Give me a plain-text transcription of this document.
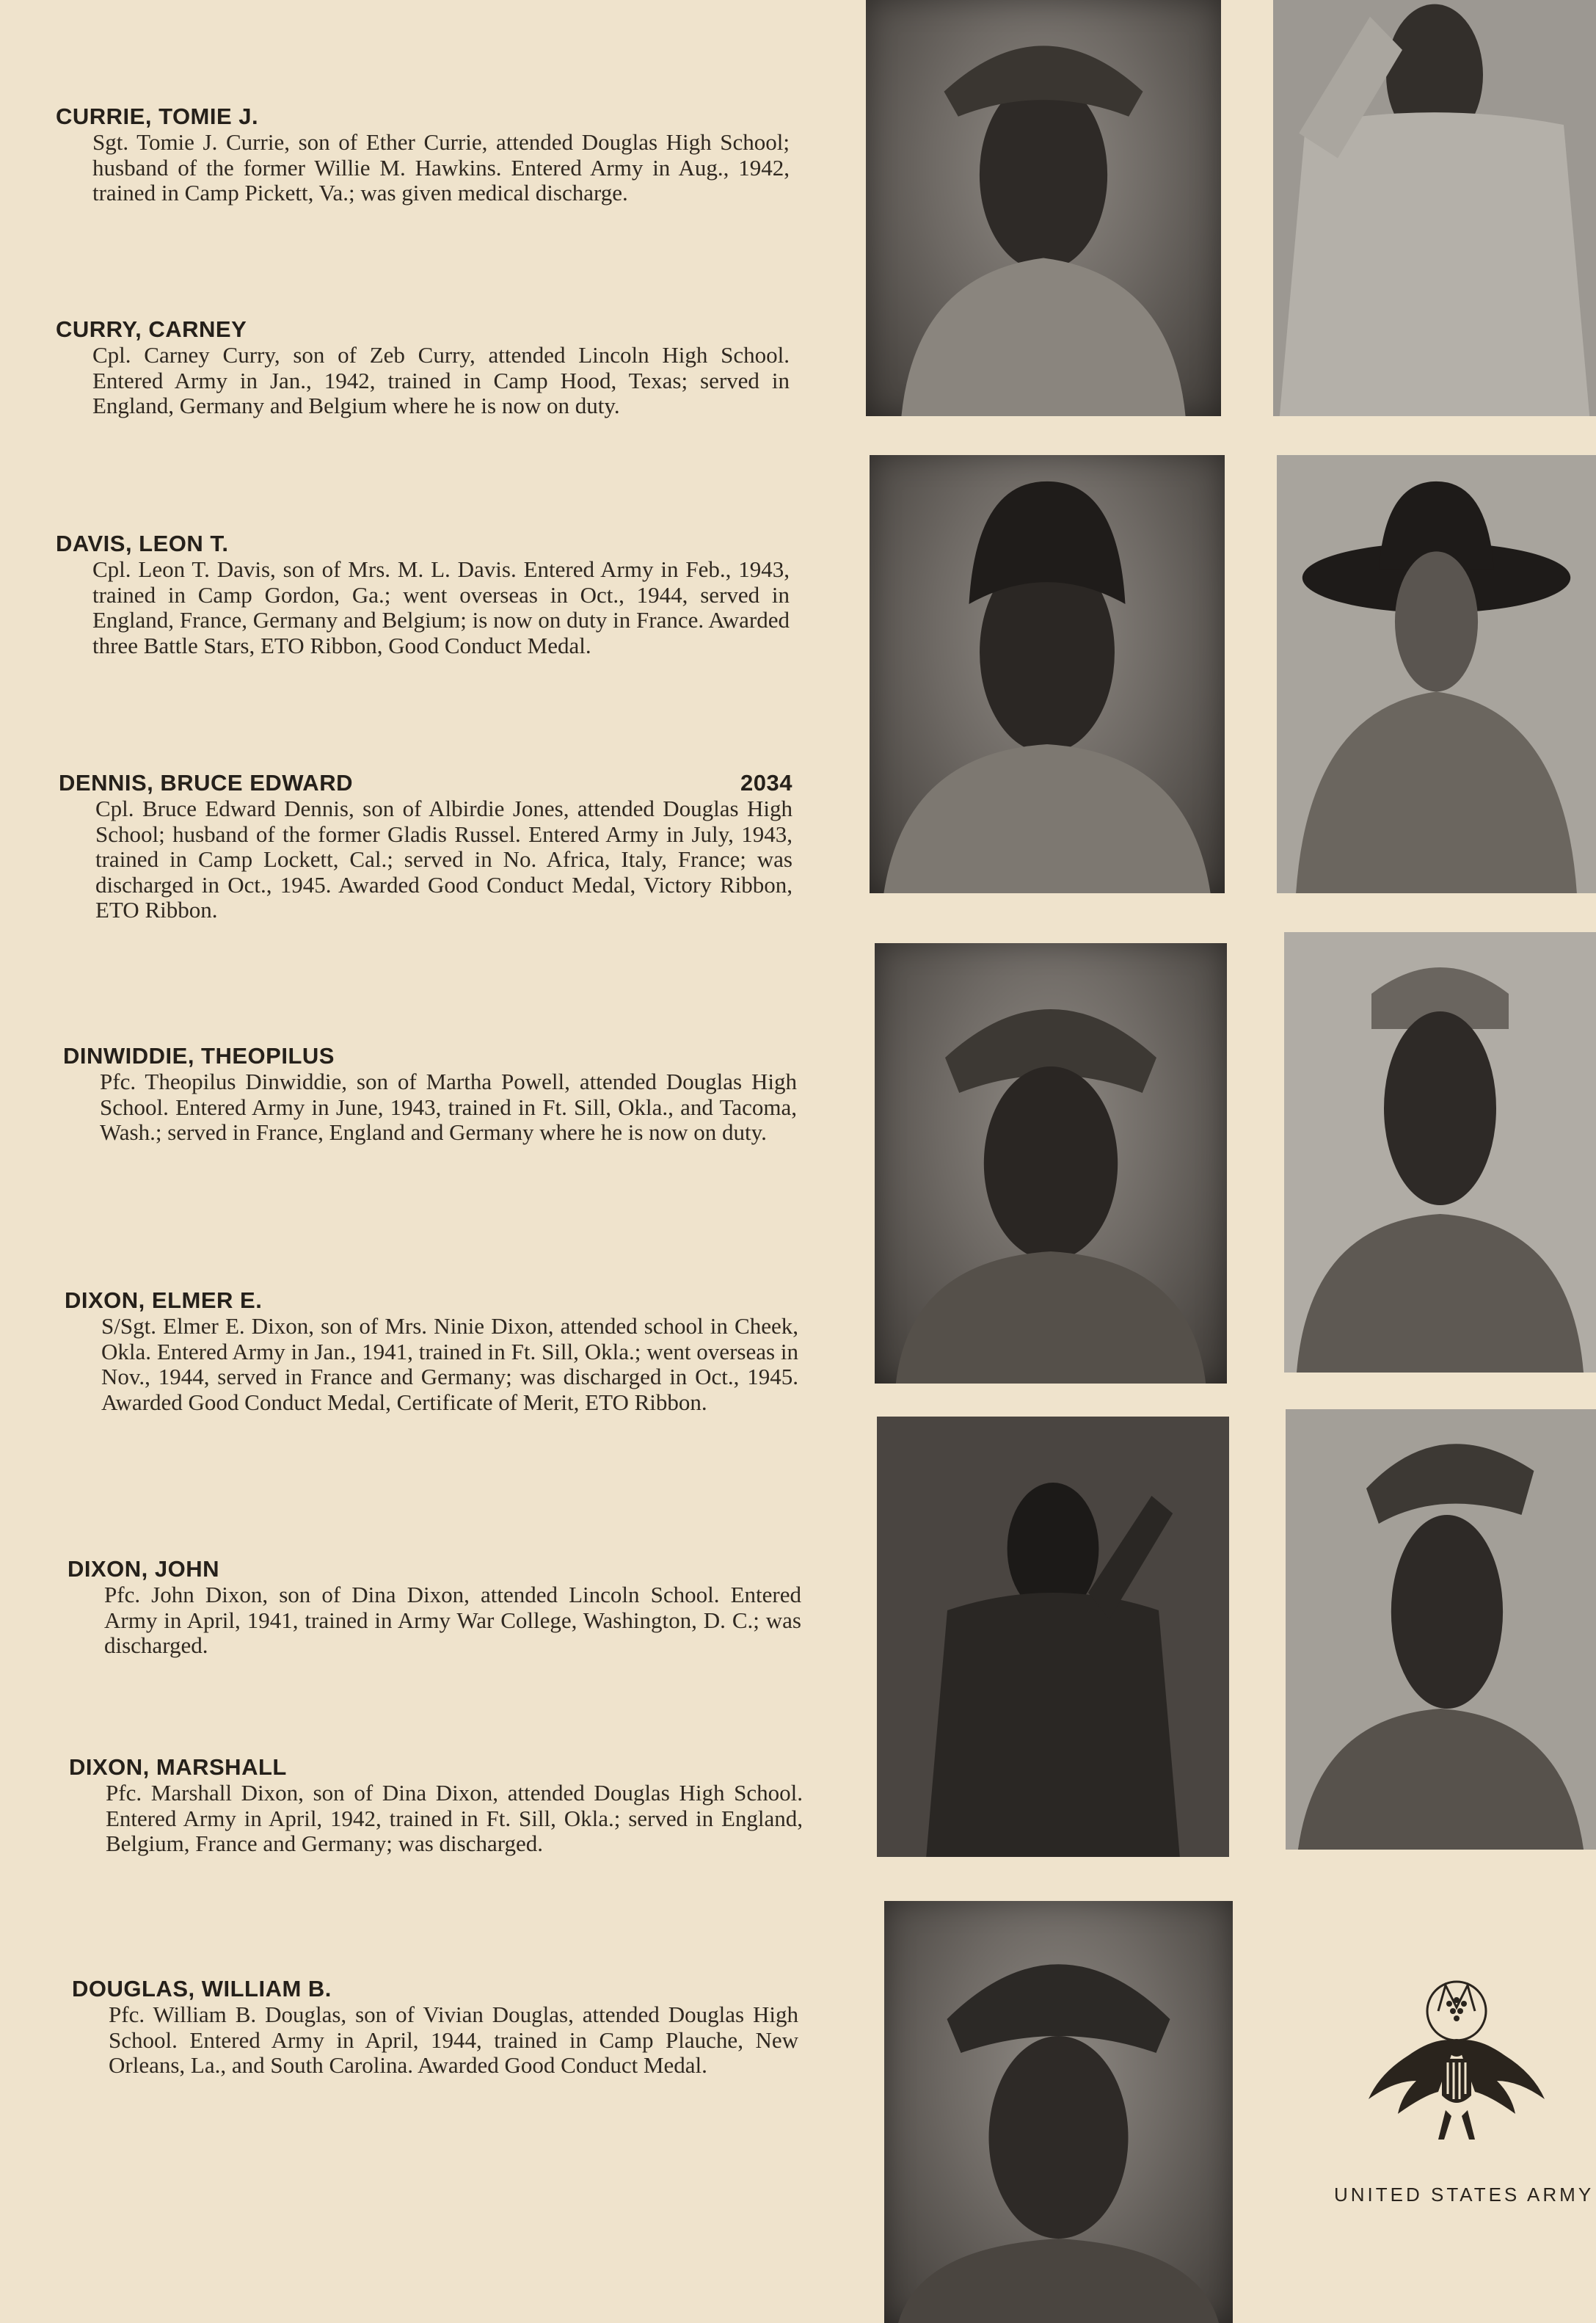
CURRIE, TOMIE J.
Sgt. Tomie J. Currie, son of Ether Currie, attended Douglas High School; husband of the former Willie M. Hawkins. Entered Army in Aug., 1942, trained in Camp Pickett, Va.; was given medical discharge.
CURRY, CARNEY
Cpl. Carney Curry, son of Zeb Curry, attended Lincoln High School. Entered Army in Jan., 1942, trained in Camp Hood, Texas; served in England, Germany and Belgium where he is now on duty.
DAVIS, LEON T.
Cpl. Leon T. Davis, son of Mrs. M. L. Davis. Entered Army in Feb., 1943, trained in Camp Gordon, Ga.; went overseas in Oct., 1944, served in England, France, Germany and Belgium; is now on duty in France. Awarded three Battle Stars, ETO Ribbon, Good Conduct Medal.
DENNIS, BRUCE EDWARD	2034
Cpl. Bruce Edward Dennis, son of Albirdie Jones, attended Douglas High School; husband of the former Gladis Russel. Entered Army in July, 1943, trained in Camp Lockett, Cal.; served in No. Africa, Italy, France; was discharged in Oct., 1945. Awarded Good Conduct Medal, Victory Ribbon, ETO Ribbon.
DINWIDDIE, THEOPILUS
Pfc. Theopilus Dinwiddie, son of Martha Powell, attended Douglas High School. Entered Army in June, 1943, trained in Ft. Sill, Okla., and Tacoma, Wash.; served in France, England and Germany where he is now on duty.
DIXON, ELMER E.
S/Sgt. Elmer E. Dixon, son of Mrs. Ninie Dixon, attended school in Cheek, Okla. Entered Army in Jan., 1941, trained in Ft. Sill, Okla.; went overseas in Nov., 1944, served in France and Germany; was discharged in Oct., 1945. Awarded Good Conduct Medal, Certificate of Merit, ETO Ribbon.
DIXON, JOHN
Pfc. John Dixon, son of Dina Dixon, attended Lincoln School. Entered Army in April, 1941, trained in Army War College, Washington, D. C.; was discharged.
DIXON, MARSHALL
Pfc. Marshall Dixon, son of Dina Dixon, attended Douglas High School. Entered Army in April, 1942, trained in Ft. Sill, Okla.; served in England, Belgium, France and Germany; was discharged.
DOUGLAS, WILLIAM B.
Pfc. William B. Douglas, son of Vivian Douglas, attended Douglas High School. Entered Army in April, 1944, trained in Camp Plauche, New Orleans, La., and South Carolina. Awarded Good Conduct Medal.
UNITED STATES ARMY
